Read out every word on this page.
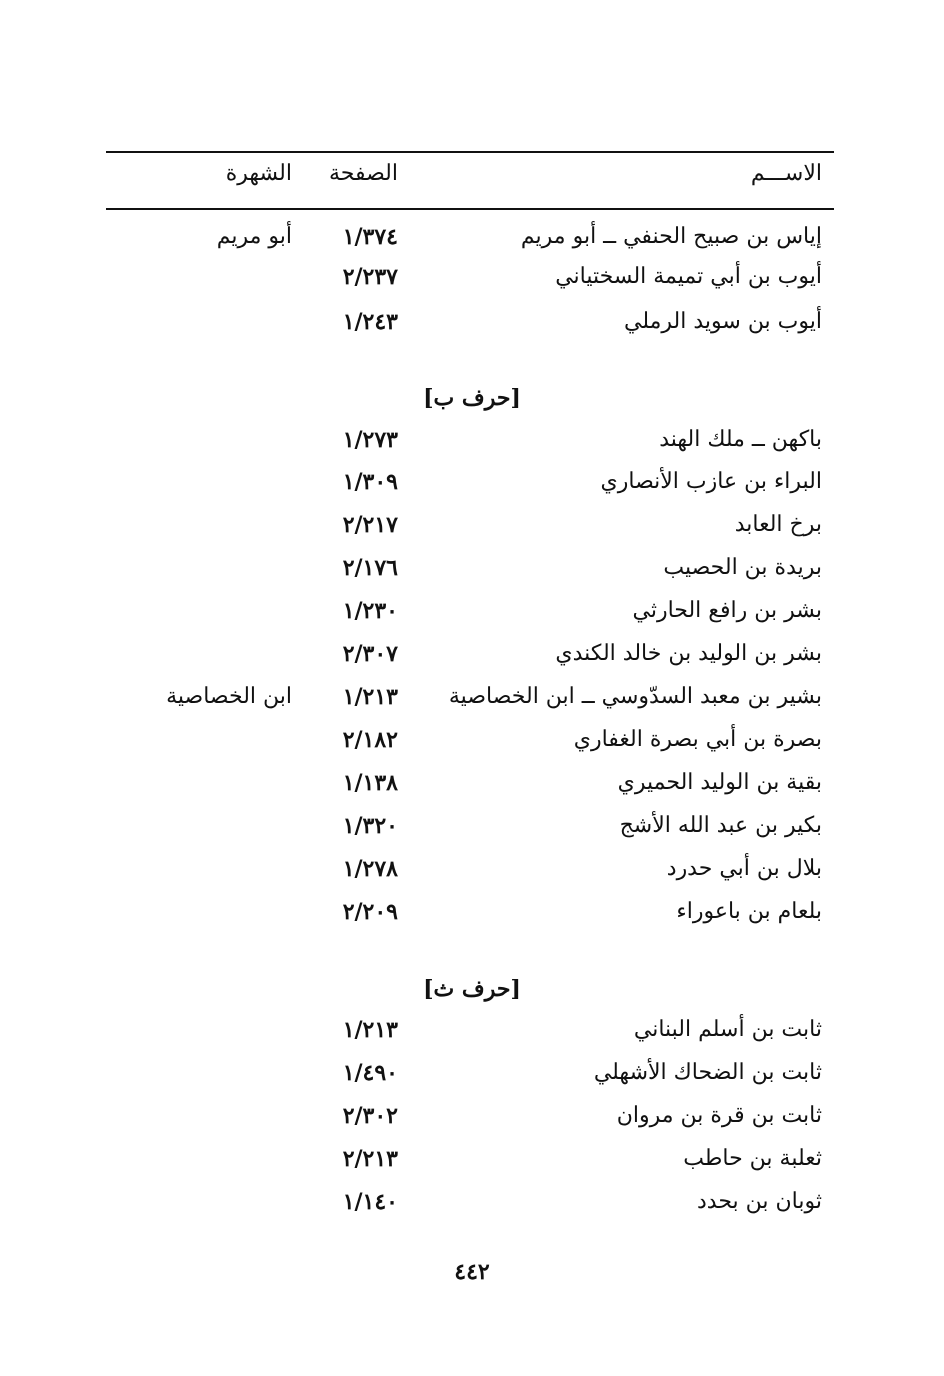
الاســـم
الصفحة
الشهرة
إياس بن صبيح الحنفي ــ أبو مريم
١/٣٧٤
أبو مريم
أيوب بن أبي تميمة السختياني
٢/٢٣٧
أيوب بن سويد الرملي
١/٢٤٣
[حرف ب]
باكهن ــ ملك الهند
١/٢٧٣
البراء بن عازب الأنصاري
١/٣٠٩
برخ العابد
٢/٢١٧
بريدة بن الحصيب
٢/١٧٦
بشر بن رافع الحارثي
١/٢٣٠
بشر بن الوليد بن خالد الكندي
٢/٣٠٧
بشير بن معبد السدّوسي ــ ابن الخصاصية
١/٢١٣
ابن الخصاصية
بصرة بن أبي بصرة الغفاري
٢/١٨٢
بقية بن الوليد الحميري
١/١٣٨
بكير بن عبد الله الأشج
١/٣٢٠
بلال بن أبي حدرد
١/٢٧٨
بلعام بن باعوراء
٢/٢٠٩
[حرف ث]
ثابت بن أسلم البناني
١/٢١٣
ثابت بن الضحاك الأشهلي
١/٤٩٠
ثابت بن قرة بن مروان
٢/٣٠٢
ثعلبة بن حاطب
٢/٢١٣
ثوبان بن بحدد
١/١٤٠
٤٤٢
